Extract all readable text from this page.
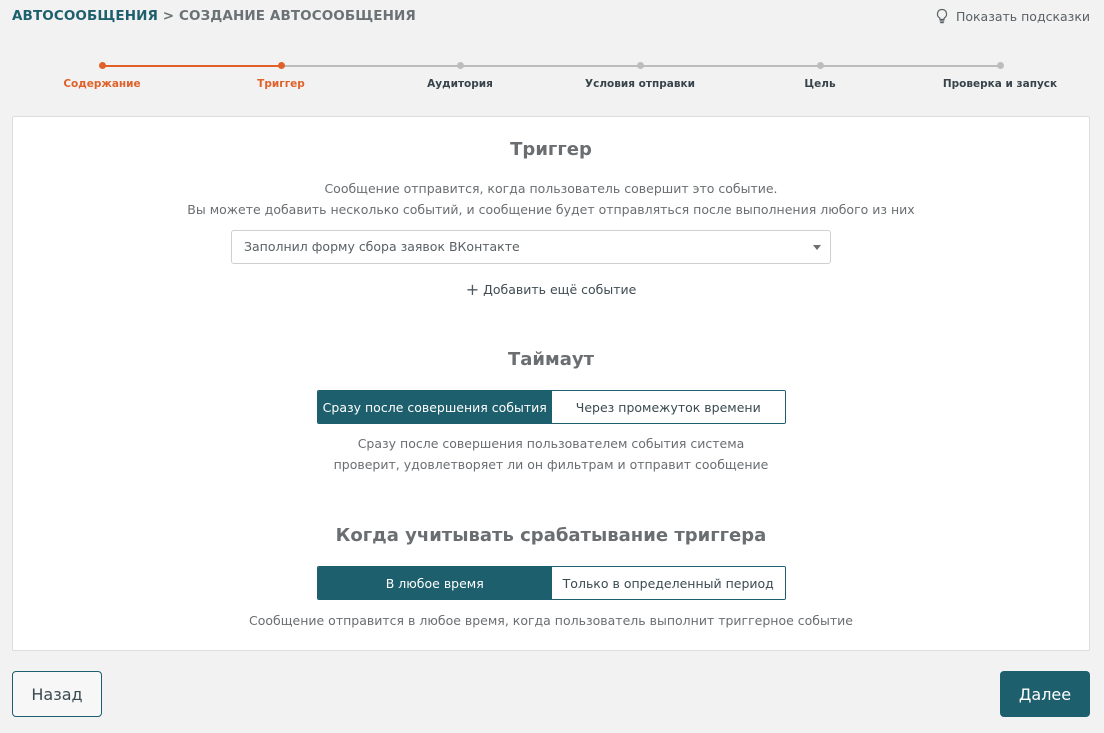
АВТОСООБЩЕНИЯ > СОЗДАНИЕ АВТОСООБЩЕНИЯ	Показать подсказки
Содержание	Триггер	Аудитория	Условия отправки	Цель	Проверка и запуск
Триггер
Сообщение отправится, когда пользователь совершит это событие.
Вы можете добавить несколько событий, и сообщение будет отправляться после выполнения любого из них
Заполнил форму сбора заявок ВКонтакте
+ Добавить ещё событие
Таймаут
Сразу после совершения события	Через промежуток времени
Сразу после совершения пользователем события система
проверит, удовлетворяет ли он фильтрам и отправит сообщение
Когда учитывать срабатывание триггера
В любое время	Только в определенный период
Сообщение отправится в любое время, когда пользователь выполнит триггерное событие
Назад	Далее
